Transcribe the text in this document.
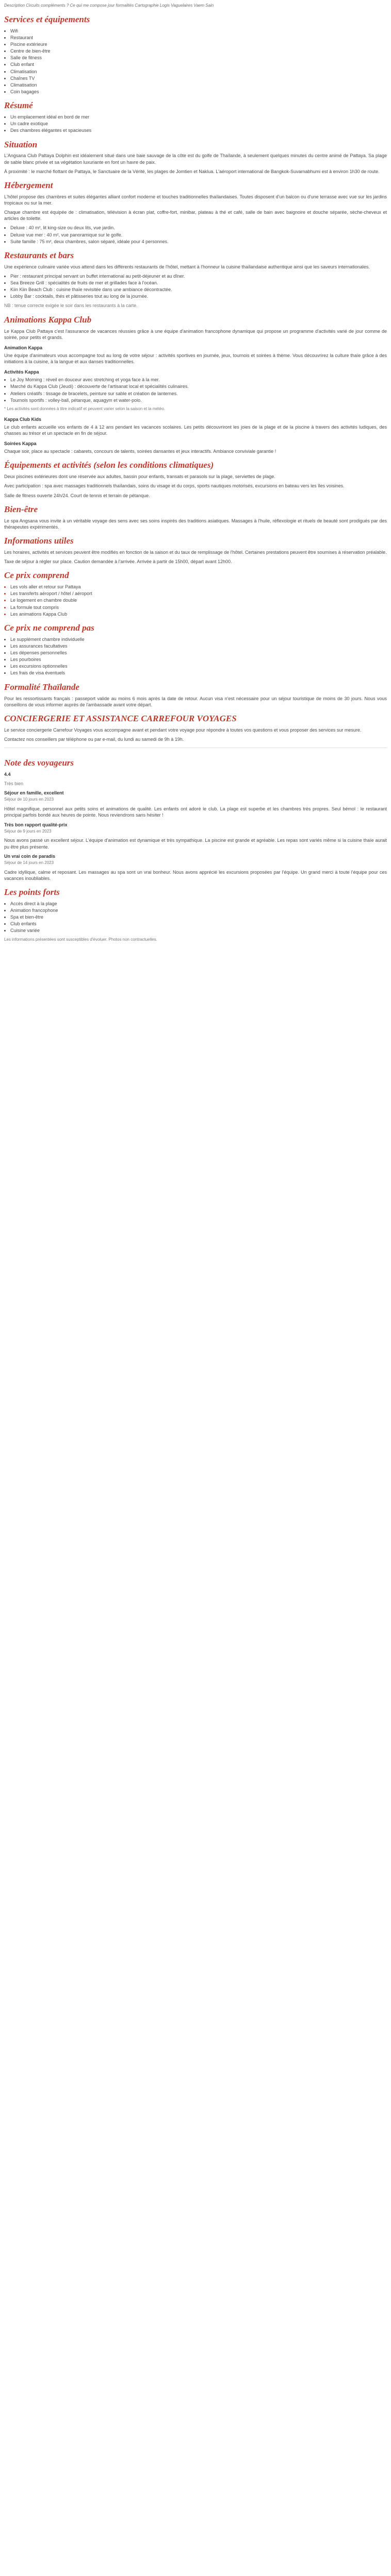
Description Circuits compléments ? Ce qui me compose jour formalités Cartographie Logis Vaguelaires Vaem Sain

Services et équipements
• Wifi
• Restaurant
• Piscine extérieure
• Centre de bien-être
• Salle de fitness
• Club enfant
• Climatisation
• Chaînes TV
• Climatisation
• Coin bagages
Résumé
• Un emplacement idéal en bord de mer
• Un cadre exotique
• Des chambres élégantes et spacieuses
Situation

L'Angsana Club Pattaya Dolphin est idéalement situé dans une baie sauvage de la côte est du golfe de Thaïlande, à seulement quelques minutes du centre animé de Pattaya. Sa plage de sable blanc privée et sa végétation luxuriante en font un havre de paix.

À proximité : le marché flottant de Pattaya, le Sanctuaire de la Vérité, les plages de Jomtien et Naklua. L'aéroport international de Bangkok-Suvarnabhumi est à environ 1h30 de route.

Hébergement

L'hôtel propose des chambres et suites élégantes alliant confort moderne et touches traditionnelles thaïlandaises. Toutes disposent d'un balcon ou d'une terrasse avec vue sur les jardins tropicaux ou sur la mer.

Chaque chambre est équipée de : climatisation, télévision à écran plat, coffre-fort, minibar, plateau à thé et café, salle de bain avec baignoire et douche séparée, sèche-cheveux et articles de toilette.

• Deluxe : 40 m², lit king-size ou deux lits, vue jardin.
• Deluxe vue mer : 40 m², vue panoramique sur le golfe.
• Suite famille : 75 m², deux chambres, salon séparé, idéale pour 4 personnes.
Restaurants et bars

Une expérience culinaire variée vous attend dans les différents restaurants de l'hôtel, mettant à l'honneur la cuisine thaïlandaise authentique ainsi que les saveurs internationales.

• Pier : restaurant principal servant un buffet international au petit-déjeuner et au dîner.
• Sea Breeze Grill : spécialités de fruits de mer et grillades face à l'océan.
• Kiin Kiin Beach Club : cuisine thaïe revisitée dans une ambiance décontractée.
• Lobby Bar : cocktails, thés et pâtisseries tout au long de la journée.

NB : tenue correcte exigée le soir dans les restaurants à la carte.

Animations Kappa Club

Le Kappa Club Pattaya c'est l'assurance de vacances réussies grâce à une équipe d'animation francophone dynamique qui propose un programme d'activités varié de jour comme de soirée, pour petits et grands.

Animation Kappa

Une équipe d'animateurs vous accompagne tout au long de votre séjour : activités sportives en journée, jeux, tournois et soirées à thème. Vous découvrirez la culture thaïe grâce à des initiations à la cuisine, à la langue et aux danses traditionnelles.

Activités Kappa
• Le Joy Morning : réveil en douceur avec stretching et yoga face à la mer.
• Marché du Kappa Club (Jeudi) : découverte de l'artisanat local et spécialités culinaires.
• Ateliers créatifs : tissage de bracelets, peinture sur sable et création de lanternes.
• Tournois sportifs : volley-ball, pétanque, aquagym et water-polo.

* Les activités sont données à titre indicatif et peuvent varier selon la saison et la météo.

Kappa Club Kids

Le club enfants accueille vos enfants de 4 à 12 ans pendant les vacances scolaires. Les petits découvriront les joies de la plage et de la piscine à travers des activités ludiques, des chasses au trésor et un spectacle en fin de séjour.

Soirées Kappa

Chaque soir, place au spectacle : cabarets, concours de talents, soirées dansantes et jeux interactifs. Ambiance conviviale garantie !

Équipements et activités (selon les conditions climatiques)

Deux piscines extérieures dont une réservée aux adultes, bassin pour enfants, transats et parasols sur la plage, serviettes de plage.

Avec participation : spa avec massages traditionnels thaïlandais, soins du visage et du corps, sports nautiques motorisés, excursions en bateau vers les îles voisines.

Salle de fitness ouverte 24h/24. Court de tennis et terrain de pétanque.

Bien-être

Le spa Angsana vous invite à un véritable voyage des sens avec ses soins inspirés des traditions asiatiques. Massages à l'huile, réflexologie et rituels de beauté sont prodigués par des thérapeutes expérimentés.

Informations utiles

Les horaires, activités et services peuvent être modifiés en fonction de la saison et du taux de remplissage de l'hôtel. Certaines prestations peuvent être soumises à réservation préalable.

Taxe de séjour à régler sur place. Caution demandée à l'arrivée. Arrivée à partir de 15h00, départ avant 12h00.

Ce prix comprend
• Les vols aller et retour sur Pattaya
• Les transferts aéroport / hôtel / aéroport
• Le logement en chambre double
• La formule tout compris
• Les animations Kappa Club
Ce prix ne comprend pas
• Le supplément chambre individuelle
• Les assurances facultatives
• Les dépenses personnelles
• Les pourboires
• Les excursions optionnelles
• Les frais de visa éventuels
Formalité Thaïlande

Pour les ressortissants français : passeport valide au moins 6 mois après la date de retour. Aucun visa n'est nécessaire pour un séjour touristique de moins de 30 jours. Nous vous conseillons de vous informer auprès de l'ambassade avant votre départ.

CONCIERGERIE ET ASSISTANCE CARREFOUR VOYAGES

Le service conciergerie Carrefour Voyages vous accompagne avant et pendant votre voyage pour répondre à toutes vos questions et vous proposer des services sur mesure.

Contactez nos conseillers par téléphone ou par e-mail, du lundi au samedi de 9h à 19h.

Note des voyageurs

4.4

Très bien

Séjour en famille, excellent

Séjour de 10 jours en 2023

Hôtel magnifique, personnel aux petits soins et animations de qualité. Les enfants ont adoré le club. La plage est superbe et les chambres très propres. Seul bémol : le restaurant principal parfois bondé aux heures de pointe. Nous reviendrons sans hésiter !

Très bon rapport qualité-prix

Séjour de 9 jours en 2023

Nous avons passé un excellent séjour. L'équipe d'animation est dynamique et très sympathique. La piscine est grande et agréable. Les repas sont variés même si la cuisine thaïe aurait pu être plus présente.

Un vrai coin de paradis

Séjour de 14 jours en 2023

Cadre idyllique, calme et reposant. Les massages au spa sont un vrai bonheur. Nous avons apprécié les excursions proposées par l'équipe. Un grand merci à toute l'équipe pour ces vacances inoubliables.

Les points forts
• Accès direct à la plage
• Animation francophone
• Spa et bien-être
• Club enfants
• Cuisine variée

Les informations présentées sont susceptibles d'évoluer. Photos non contractuelles.
